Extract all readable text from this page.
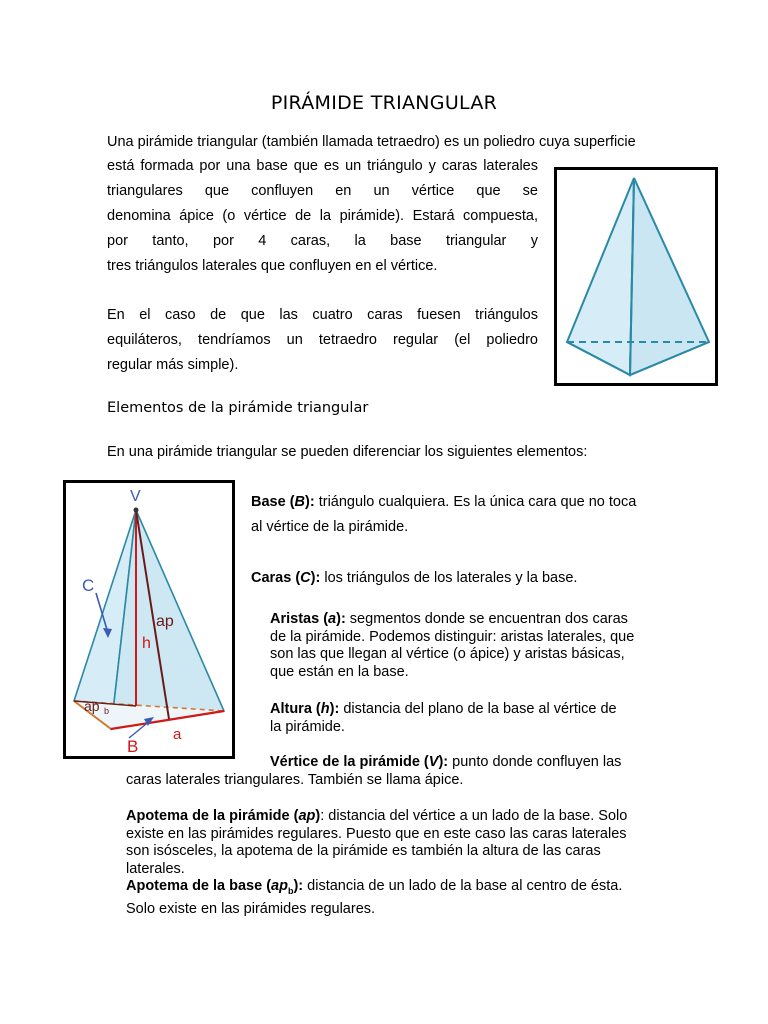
PIRÁMIDE TRIANGULAR
Una pirámide triangular (también llamada tetraedro) es un poliedro cuya superficie
está formada por una base que es un triángulo y caras laterales
triangulares que confluyen en un vértice que se
denomina ápice (o vértice de la pirámide). Estará compuesta,
por tanto, por 4 caras, la base triangular y
tres triángulos laterales que confluyen en el vértice.
En el caso de que las cuatro caras fuesen triángulos
equiláteros, tendríamos un tetraedro regular (el poliedro
regular más simple).
Elementos de la pirámide triangular
En una pirámide triangular se pueden diferenciar los siguientes elementos:
V
C
ap
h
ap b
B
a
Base (B): triángulo cualquiera. Es la única cara que no toca
al vértice de la pirámide.
Caras (C): los triángulos de los laterales y la base.
Aristas (a): segmentos donde se encuentran dos caras
de la pirámide. Podemos distinguir: aristas laterales, que
son las que llegan al vértice (o ápice) y aristas básicas,
que están en la base.
Altura (h): distancia del plano de la base al vértice de
la pirámide.
Vértice de la pirámide (V): punto donde confluyen las
caras laterales triangulares. También se llama ápice.
Apotema de la pirámide (ap): distancia del vértice a un lado de la base. Solo
existe en las pirámides regulares. Puesto que en este caso las caras laterales
son isósceles, la apotema de la pirámide es también la altura de las caras
laterales.
Apotema de la base $(ap_b)$: distancia de un lado de la base al centro de ésta.
Solo existe en las pirámides regulares.
